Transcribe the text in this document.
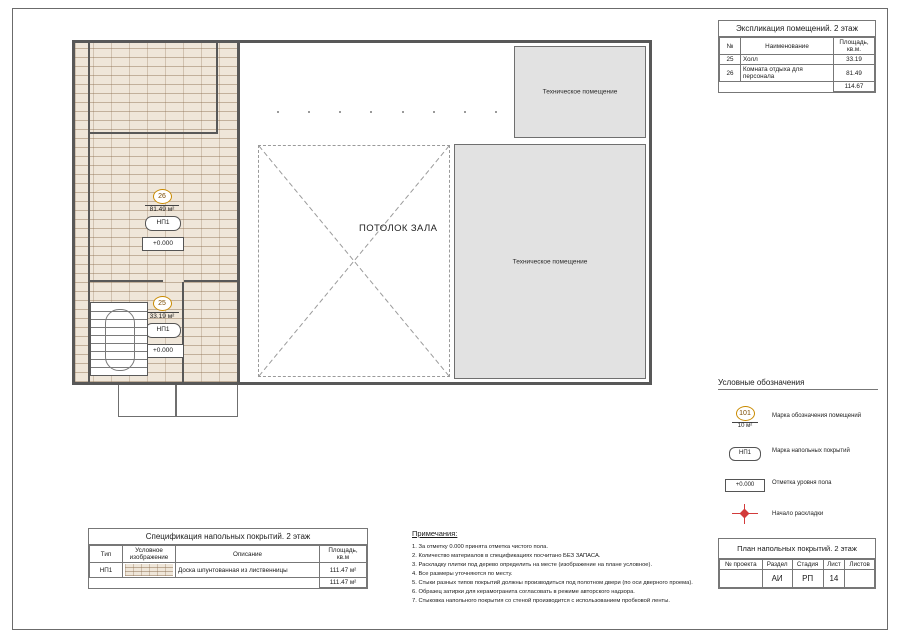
Техническое помещение
Техническое помещение
ПОТОЛОК ЗАЛА
26
81.49 м²
НП1
+0.000
25
33.19 м²
НП1
+0.000
Экспликация помещений. 2 этаж
№	Наименование	Площадь, кв.м.
25	Холл	33.19
26	Комната отдыха для персонала	81.49
		114.67
Условные обозначения
101
10 м²
Марка обозначения помещений
НП1	Марка напольных покрытий
+0.000	Отметка уровня пола
Начало раскладки
Спецификация напольных покрытий. 2 этаж
Тип	Условное изображение	Описание	Площадь, кв.м
НП1		Доска шпунтованная из лиственницы	111.47 м²
			111.47 м²
Примечания:
1. За отметку 0.000 принята отметка чистого пола.
2. Количество материалов в спецификациях посчитано БЕЗ ЗАПАСА.
3. Раскладку плитки под дерево определить на месте (изображение на плане условное).
4. Все размеры уточняются по месту.
5. Стыки разных типов покрытий должны производиться под полотном двери (по оси дверного проема).
6. Образец затирки для керамогранита согласовать в режиме авторского надзора.
7. Стыковка напольного покрытия со стеной производится с использованием пробковой ленты.
План напольных покрытий. 2 этаж
№ проекта	Раздел	Стадия	Лист	Листов
	АИ	РП	14	
